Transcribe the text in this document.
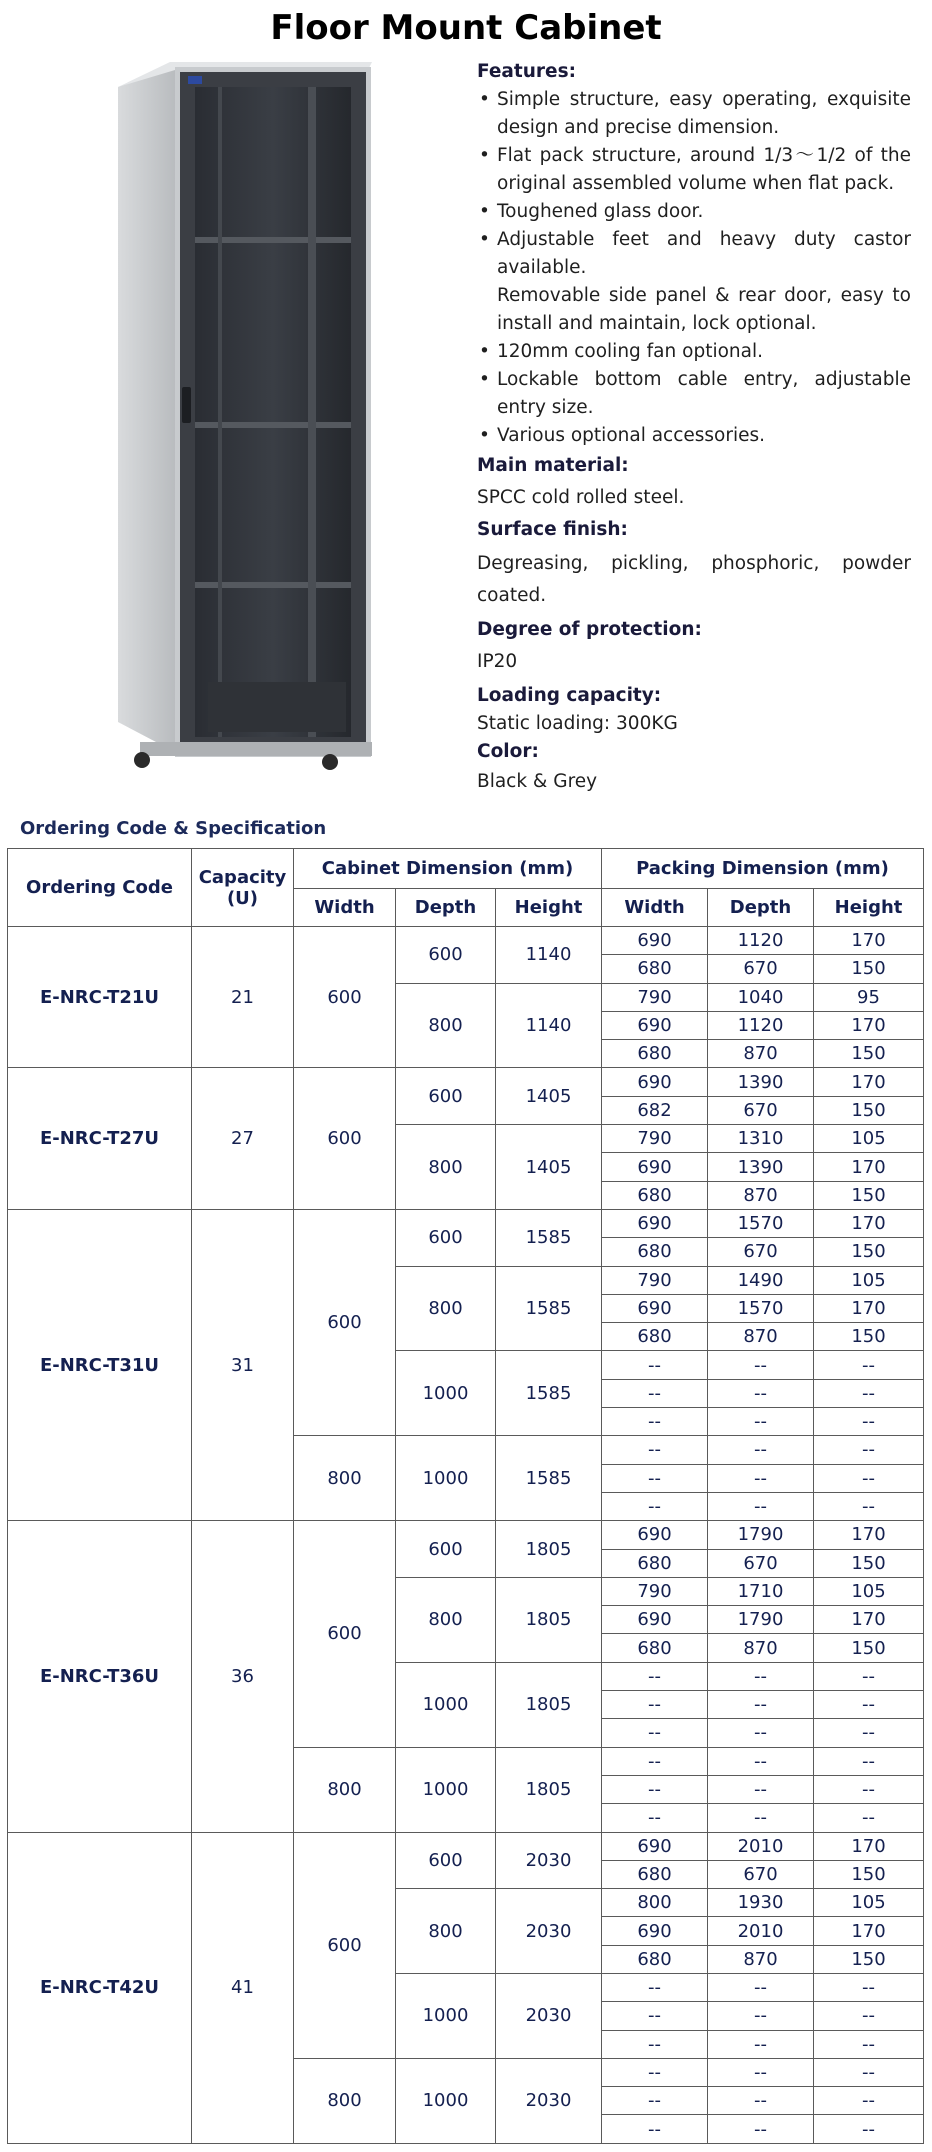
Floor Mount Cabinet
Features:
• Simple structure, easy operating, exquisite design and precise dimension.
• Flat pack structure, around 1/3～1/2 of the original assembled volume when flat pack.
• Toughened glass door.
• Adjustable feet and heavy duty castor available.
Removable side panel & rear door, easy to install and maintain, lock optional.
• 120mm cooling fan optional.
• Lockable bottom cable entry, adjustable entry size.
• Various optional accessories.
Main material:
SPCC cold rolled steel.
Surface finish:
Degreasing, pickling, phosphoric, powder coated.
Degree of protection:
IP20
Loading capacity:
Static loading: 300KG
Color:
Black & Grey
Ordering Code & Specification
Ordering Code	Capacity (U)	Cabinet Dimension (mm)			Packing Dimension (mm)		
		Width	Depth	Height	Width	Depth	Height
E-NRC-T21U	21	600	600	1140	690	1120	170
					680	670	150
			800	1140	790	1040	95
					690	1120	170
					680	870	150
E-NRC-T27U	27	600	600	1405	690	1390	170
					682	670	150
			800	1405	790	1310	105
					690	1390	170
					680	870	150
E-NRC-T31U	31	600	600	1585	690	1570	170
					680	670	150
			800	1585	790	1490	105
					690	1570	170
					680	870	150
			1000	1585	--	--	--
					--	--	--
					--	--	--
		800	1000	1585	--	--	--
					--	--	--
					--	--	--
E-NRC-T36U	36	600	600	1805	690	1790	170
					680	670	150
			800	1805	790	1710	105
					690	1790	170
					680	870	150
			1000	1805	--	--	--
					--	--	--
					--	--	--
		800	1000	1805	--	--	--
					--	--	--
					--	--	--
E-NRC-T42U	41	600	600	2030	690	2010	170
					680	670	150
			800	2030	800	1930	105
					690	2010	170
					680	870	150
			1000	2030	--	--	--
					--	--	--
					--	--	--
		800	1000	2030	--	--	--
					--	--	--
					--	--	--
